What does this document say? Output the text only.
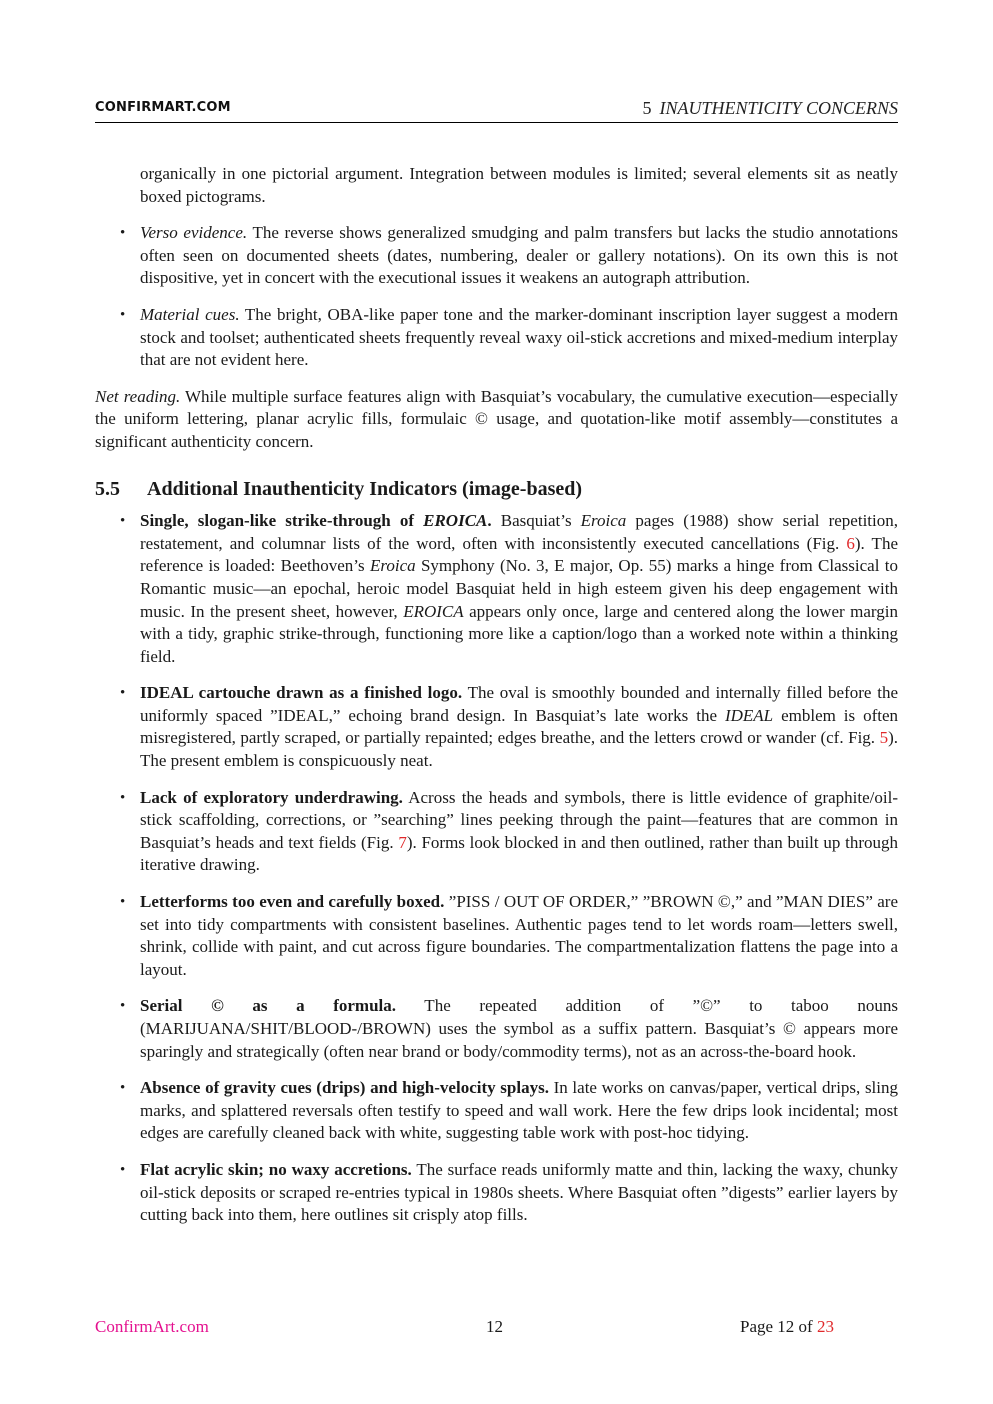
CONFIRMART.COM	5 INAUTHENTICITY CONCERNS
organically in one pictorial argument. Integration between modules is limited; several elements sit as neatly boxed pictograms.
• Verso evidence. The reverse shows generalized smudging and palm transfers but lacks the studio annotations often seen on documented sheets (dates, numbering, dealer or gallery notations). On its own this is not dispositive, yet in concert with the executional issues it weakens an autograph attribution.
• Material cues. The bright, OBA-like paper tone and the marker-dominant inscription layer suggest a modern stock and toolset; authenticated sheets frequently reveal waxy oil-stick accretions and mixed-medium interplay that are not evident here.
Net reading. While multiple surface features align with Basquiat’s vocabulary, the cumulative execution—especially the uniform lettering, planar acrylic fills, formulaic © usage, and quotation-like motif assembly—constitutes a significant authenticity concern.
5.5 Additional Inauthenticity Indicators (image-based)
• Single, slogan-like strike-through of EROICA. Basquiat’s Eroica pages (1988) show serial repetition, restatement, and columnar lists of the word, often with inconsistently executed cancellations (Fig. 6). The reference is loaded: Beethoven’s Eroica Symphony (No. 3, E major, Op. 55) marks a hinge from Classical to Romantic music—an epochal, heroic model Basquiat held in high esteem given his deep engagement with music. In the present sheet, however, EROICA appears only once, large and centered along the lower margin with a tidy, graphic strike-through, functioning more like a caption/logo than a worked note within a thinking field.
• IDEAL cartouche drawn as a finished logo. The oval is smoothly bounded and internally filled before the uniformly spaced ”IDEAL,” echoing brand design. In Basquiat’s late works the IDEAL emblem is often misregistered, partly scraped, or partially repainted; edges breathe, and the letters crowd or wander (cf. Fig. 5). The present emblem is conspicuously neat.
• Lack of exploratory underdrawing. Across the heads and symbols, there is little evidence of graphite/oil-stick scaffolding, corrections, or ”searching” lines peeking through the paint—features that are common in Basquiat’s heads and text fields (Fig. 7). Forms look blocked in and then outlined, rather than built up through iterative drawing.
• Letterforms too even and carefully boxed. ”PISS / OUT OF ORDER,” ”BROWN ©,” and ”MAN DIES” are set into tidy compartments with consistent baselines. Authentic pages tend to let words roam—letters swell, shrink, collide with paint, and cut across figure boundaries. The compartmentalization flattens the page into a layout.
• Serial © as a formula. The repeated addition of ”©” to taboo nouns (MARIJUANA/SHIT/BLOOD-/BROWN) uses the symbol as a suffix pattern. Basquiat’s © appears more sparingly and strategically (often near brand or body/commodity terms), not as an across-the-board hook.
• Absence of gravity cues (drips) and high-velocity splays. In late works on canvas/paper, vertical drips, sling marks, and splattered reversals often testify to speed and wall work. Here the few drips look incidental; most edges are carefully cleaned back with white, suggesting table work with post-hoc tidying.
• Flat acrylic skin; no waxy accretions. The surface reads uniformly matte and thin, lacking the waxy, chunky oil-stick deposits or scraped re-entries typical in 1980s sheets. Where Basquiat often ”digests” earlier layers by cutting back into them, here outlines sit crisply atop fills.
ConfirmArt.com	12	Page 12 of 23
